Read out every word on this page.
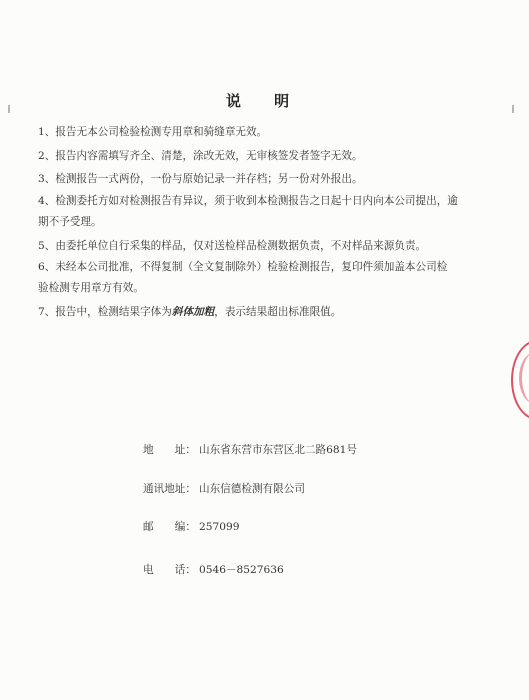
说 明
1、报告无本公司检验检测专用章和骑缝章无效。
2、报告内容需填写齐全、清楚，涂改无效，无审核签发者签字无效。
3、检测报告一式两份，一份与原始记录一并存档；另一份对外报出。
4、检测委托方如对检测报告有异议，须于收到本检测报告之日起十日内向本公司提出，逾
期不予受理。
5、由委托单位自行采集的样品，仅对送检样品检测数据负责，不对样品来源负责。
6、未经本公司批准，不得复制（全文复制除外）检验检测报告，复印件须加盖本公司检
验检测专用章方有效。
7、报告中，检测结果字体为斜体加粗，表示结果超出标准限值。
地　　址： 山东省东营市东营区北二路681号
通讯地址： 山东信德检测有限公司
邮　　编： 257099
电　　话： 0546－8527636
